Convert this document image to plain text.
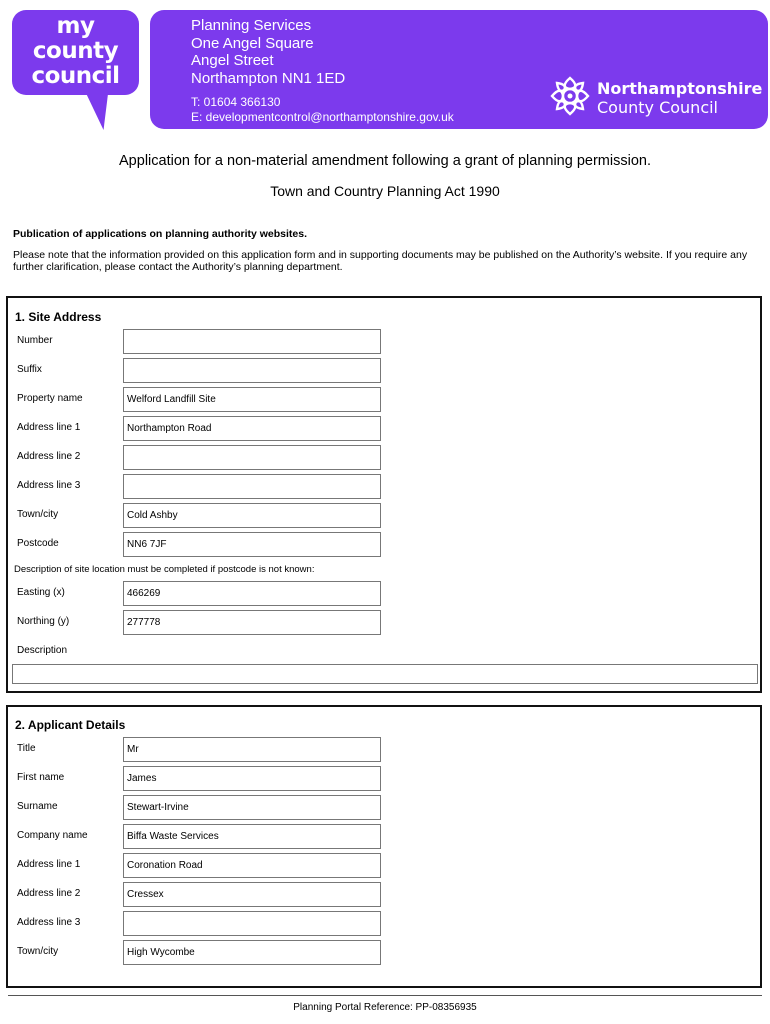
my
county
council
Planning Services
One Angel Square
Angel Street
Northampton NN1 1ED
T: 01604 366130
E: developmentcontrol@northamptonshire.gov.uk
Northamptonshire
County Council
Application for a non-material amendment following a grant of planning permission.
Town and Country Planning Act 1990
Publication of applications on planning authority websites.
Please note that the information provided on this application form and in supporting documents may be published on the Authority’s website. If you require any further clarification, please contact the Authority’s planning department.
1. Site Address
Number
Suffix
Property name	Welford Landfill Site
Address line 1	Northampton Road
Address line 2
Address line 3
Town/city	Cold Ashby
Postcode	NN6 7JF
Description of site location must be completed if postcode is not known:
Easting (x)	466269
Northing (y)	277778
Description
2. Applicant Details
Title	Mr
First name	James
Surname	Stewart-Irvine
Company name	Biffa Waste Services
Address line 1	Coronation Road
Address line 2	Cressex
Address line 3
Town/city	High Wycombe
Planning Portal Reference: PP-08356935
